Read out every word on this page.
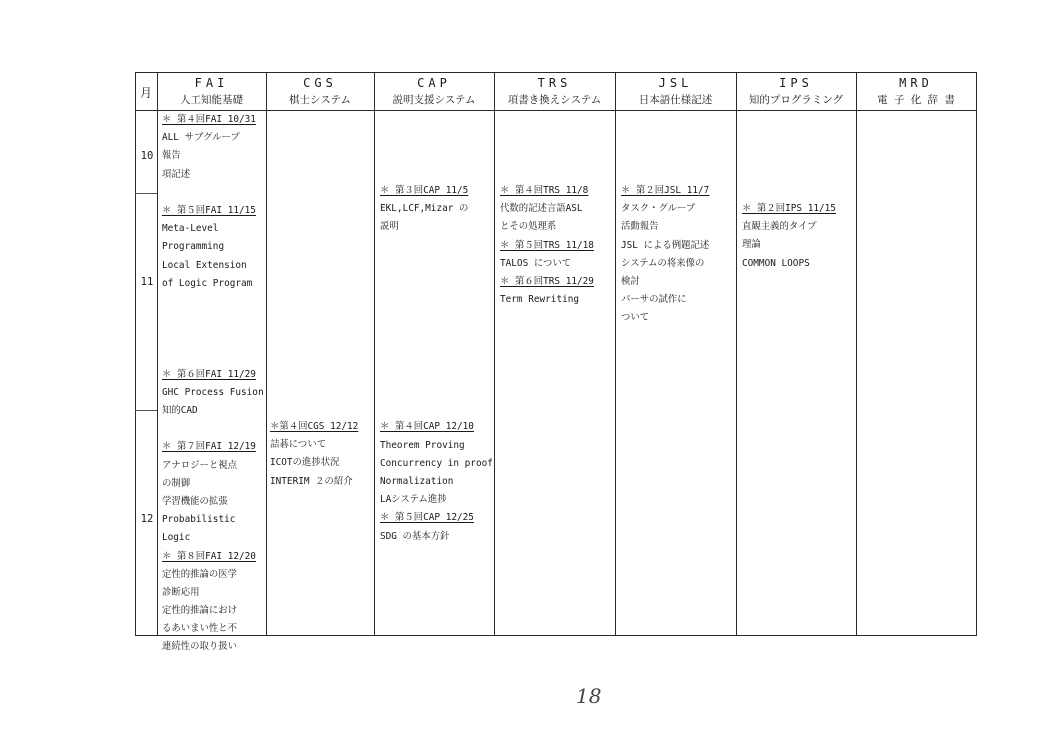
月
FAI
人工知能基礎
CGS
棋士システム
CAP
説明支援システム
TRS
項書き換えシステム
JSL
日本語仕様記述
IPS
知的プログラミング
MRD
電 子 化 辞 書
10
11
12
＊ 第４回FAI 10/31
ALL サブグループ
報告
項記述
＊ 第５回FAI 11/15
Meta-Level
Programming
Local Extension
of Logic Program
＊ 第６回FAI 11/29
GHC Process Fusion
知的CAD
＊ 第７回FAI 12/19
アナロジーと視点
の制御
学習機能の拡張
Probabilistic
Logic
＊ 第８回FAI 12/20
定性的推論の医学
診断応用
定性的推論におけ
るあいまい性と不
連続性の取り扱い
＊第４回CGS 12/12
詰碁について
ICOTの進捗状況
INTERIM ２の紹介
＊ 第３回CAP 11/5
EKL,LCF,Mizar の
説明
＊ 第４回CAP 12/10
Theorem Proving
Concurrency in proof
Normalization
LAシステム進捗
＊ 第５回CAP 12/25
SDG の基本方針
＊ 第４回TRS 11/8
代数的記述言語ASL
とその処理系
＊ 第５回TRS 11/18
TALOS について
＊ 第６回TRS 11/29
Term Rewriting
＊ 第２回JSL 11/7
タスク・グループ
活動報告
JSL による例題記述
システムの将来像の
検討
パーサの試作に
ついて
＊ 第２回IPS 11/15
直観主義的タイプ
理論
COMMON LOOPS
18
